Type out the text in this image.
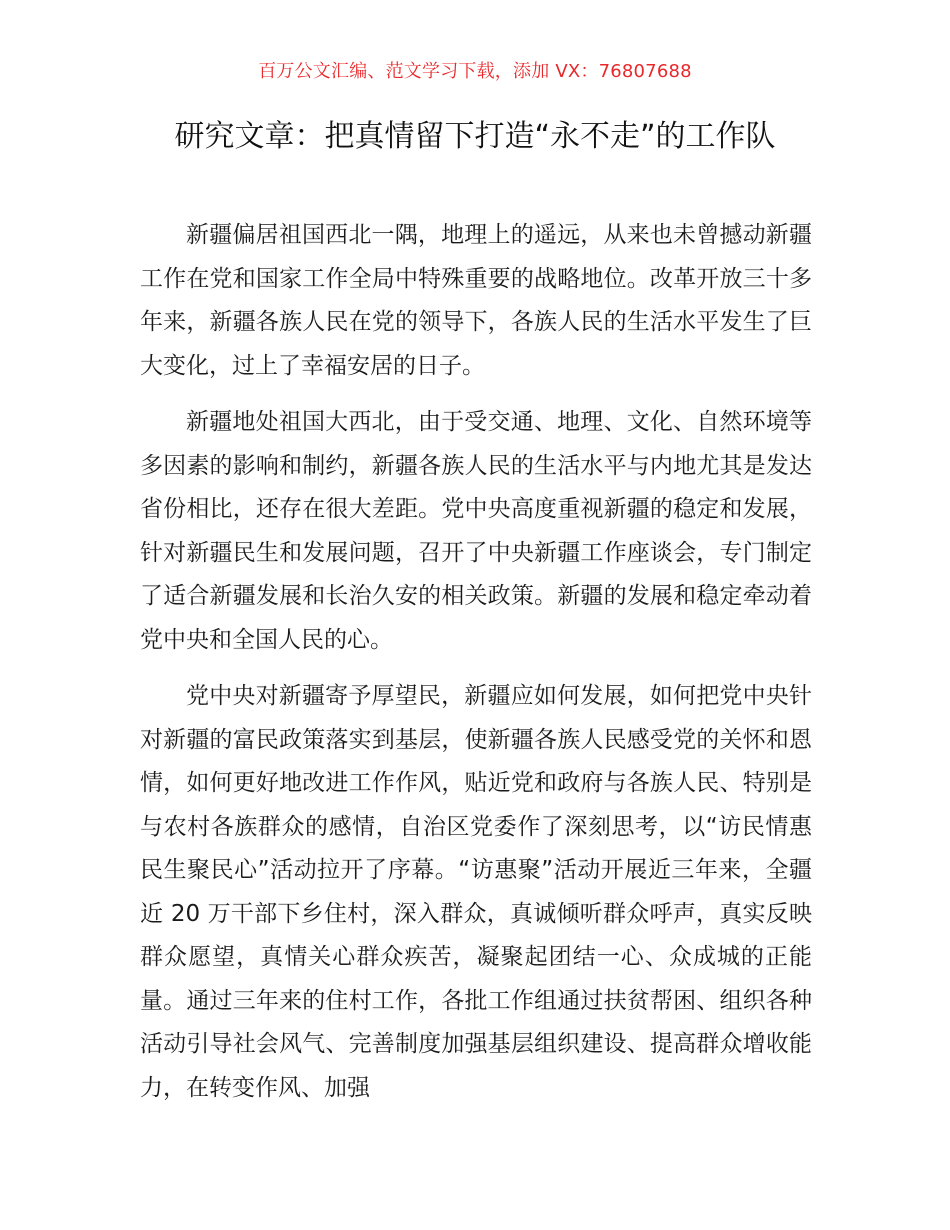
百万公文汇编、范文学习下载，添加 VX：76807688
研究文章：把真情留下打造“永不走”的工作队

新疆偏居祖国西北一隅，地理上的遥远，从来也未曾撼动新疆工作在党和国家工作全局中特殊重要的战略地位。改革开放三十多年来，新疆各族人民在党的领导下，各族人民的生活水平发生了巨大变化，过上了幸福安居的日子。

新疆地处祖国大西北，由于受交通、地理、文化、自然环境等多因素的影响和制约，新疆各族人民的生活水平与内地尤其是发达省份相比，还存在很大差距。党中央高度重视新疆的稳定和发展，针对新疆民生和发展问题，召开了中央新疆工作座谈会，专门制定了适合新疆发展和长治久安的相关政策。新疆的发展和稳定牵动着党中央和全国人民的心。

党中央对新疆寄予厚望民，新疆应如何发展，如何把党中央针对新疆的富民政策落实到基层，使新疆各族人民感受党的关怀和恩情，如何更好地改进工作作风，贴近党和政府与各族人民、特别是与农村各族群众的感情，自治区党委作了深刻思考，以“访民情惠民生聚民心”活动拉开了序幕。“访惠聚”活动开展近三年来，全疆近 20 万干部下乡住村，深入群众，真诚倾听群众呼声，真实反映群众愿望，真情关心群众疾苦，凝聚起团结一心、众成城的正能量。通过三年来的住村工作，各批工作组通过扶贫帮困、组织各种活动引导社会风气、完善制度加强基层组织建设、提高群众增收能力，在转变作风、加强
